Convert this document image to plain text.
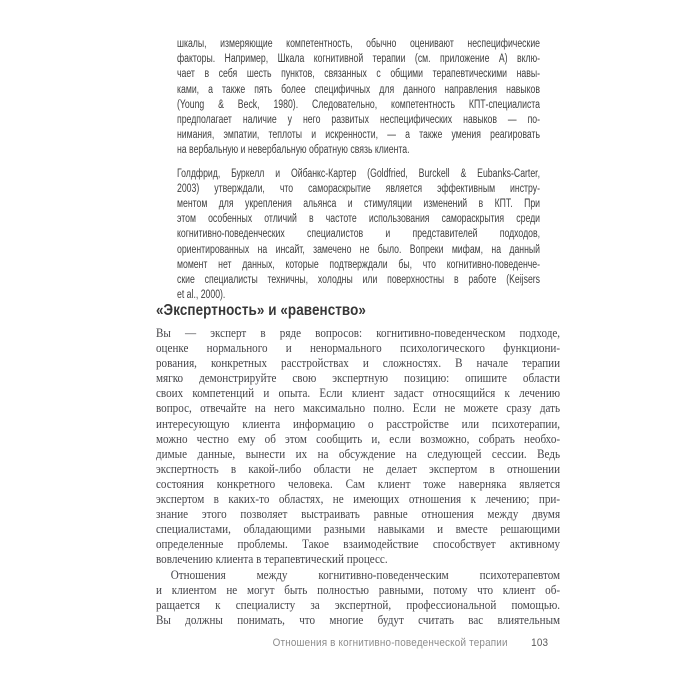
шкалы, измеряющие компетентность, обычно оценивают неспецифические
факторы. Например, Шкала когнитивной терапии (см. приложение А) вклю-
чает в себя шесть пунктов, связанных с общими терапевтическими навы-
ками, а также пять более специфичных для данного направления навыков
(Young & Beck, 1980). Следовательно, компетентность КПТ-специалиста
предполагает наличие у него развитых неспецифических навыков — по-
нимания, эмпатии, теплоты и искренности, — а также умения реагировать
на вербальную и невербальную обратную связь клиента.
Голдфрид, Буркелл и Ойбанкс-Картер (Goldfried, Burckell & Eubanks-Carter,
2003) утверждали, что самораскрытие является эффективным инстру-
ментом для укрепления альянса и стимуляции изменений в КПТ. При
этом особенных отличий в частоте использования самораскрытия среди
когнитивно-поведенческих специалистов и представителей подходов,
ориентированных на инсайт, замечено не было. Вопреки мифам, на данный
момент нет данных, которые подтверждали бы, что когнитивно-поведенче-
ские специалисты техничны, холодны или поверхностны в работе (Keijsers
et al., 2000).
«Экспертность» и «равенство»
Вы — эксперт в ряде вопросов: когнитивно-поведенческом подходе,
оценке нормального и ненормального психологического функциони-
рования, конкретных расстройствах и сложностях. В начале терапии
мягко демонстрируйте свою экспертную позицию: опишите области
своих компетенций и опыта. Если клиент задаст относящийся к лечению
вопрос, отвечайте на него максимально полно. Если не можете сразу дать
интересующую клиента информацию о расстройстве или психотерапии,
можно честно ему об этом сообщить и, если возможно, собрать необхо-
димые данные, вынести их на обсуждение на следующей сессии. Ведь
экспертность в какой-либо области не делает экспертом в отношении
состояния конкретного человека. Сам клиент тоже наверняка является
экспертом в каких-то областях, не имеющих отношения к лечению; при-
знание этого позволяет выстраивать равные отношения между двумя
специалистами, обладающими разными навыками и вместе решающими
определенные проблемы. Такое взаимодействие способствует активному
вовлечению клиента в терапевтический процесс.
Отношения между когнитивно-поведенческим психотерапевтом
и клиентом не могут быть полностью равными, потому что клиент об-
ращается к специалисту за экспертной, профессиональной помощью.
Вы должны понимать, что многие будут считать вас влиятельным
Отношения в когнитивно-поведенческой терапии 103
